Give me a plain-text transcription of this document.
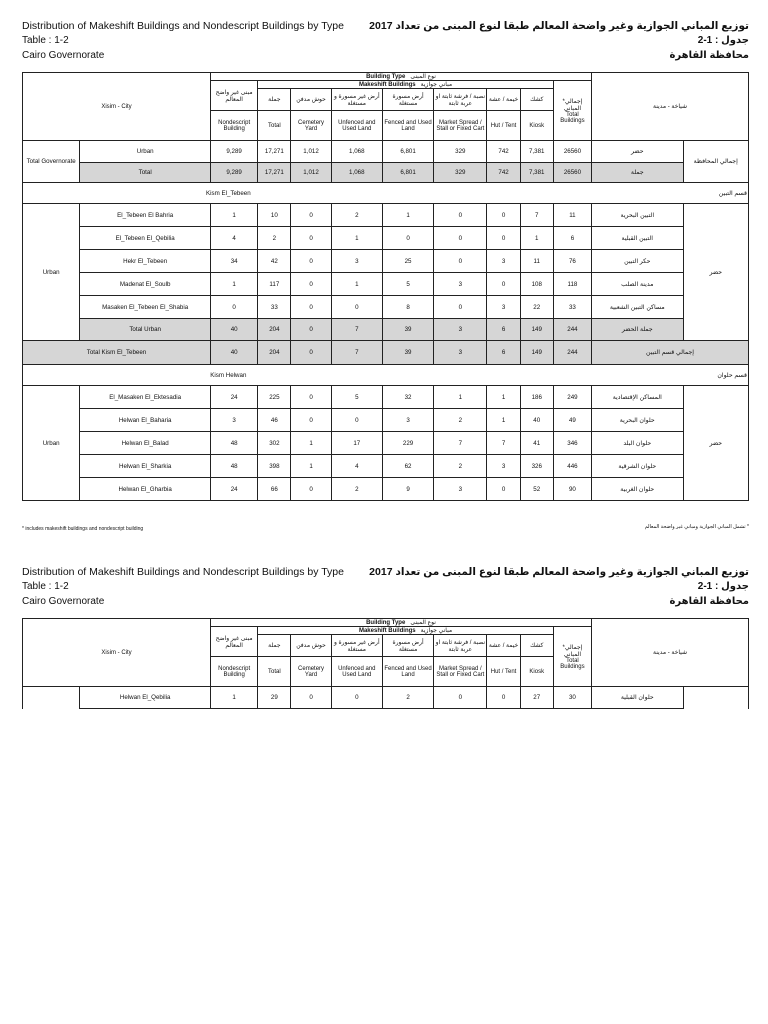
Distribution of Makeshift Buildings and Nondescript Buildings by Type
Table : 1-2
Cairo Governorate
توزيع المباني الجوازية وغير واضحة المعالم طبقا لنوع المبنى من تعداد 2017
جدول : 1-2
محافظة القاهرة
Xisim - City		Building Type نوع المبنى									شياخة - مدينة	
		مبنى غير واضح المعالم	Makeshift Buildings مباني جوازية							*إجمالي المباني
Total Buildings		
			جملة	حوش مدفن	أرض غير مسورة و مستغلة	أرض مسورة مستغلة	نصبة / فرشة ثابتة او عربة ثابتة	خيمة / عشة	كشك			
		Nondescript Building	Total	Cemetery Yard	Unfenced and Used Land	Fenced and Used Land	Market Spread / Stall or Fixed Cart	Hut / Tent	Kiosk			
Total Governorate	Urban	9,289	17,271	1,012	1,068	6,801	329	742	7,381	26560	حضر	إجمالي المحافظة
	Total	9,289	17,271	1,012	1,068	6,801	329	742	7,381	26560	جملة	
Kism El_Tebeen							قسم التبين					
Urban	El_Tebeen El Bahria	1	10	0	2	1	0	0	7	11	التبين البحرية	حضر
	El_Tebeen El_Qebilia	4	2	0	1	0	0	0	1	6	التبين القبلية	
	Hekr El_Tebeen	34	42	0	3	25	0	3	11	76	حكر التبين	
	Madenat El_Soulb	1	117	0	1	5	3	0	108	118	مدينة الصلب	
	Masaken El_Tebeen El_Shabia	0	33	0	0	8	0	3	22	33	مساكن التبين الشعبية	
	Total Urban	40	204	0	7	39	3	6	149	244	جملة الحضر	
Total Kism El_Tebeen		40	204	0	7	39	3	6	149	244	إجمالي قسم التبين	
Kism Helwan							قسم حلوان					
Urban	El_Masaken El_Ektesadia	24	225	0	5	32	1	1	186	249	المساكن الإقتصادية	حضر
	Helwan El_Baharia	3	46	0	0	3	2	1	40	49	حلوان البحرية	
	Helwan El_Balad	48	302	1	17	229	7	7	41	346	حلوان البلد	
	Helwan El_Sharkia	48	398	1	4	62	2	3	326	446	حلوان الشرقية	
	Helwan El_Gharbia	24	66	0	2	9	3	0	52	90	حلوان الغربية	
* includes makeshift buildings and nondescript building	* تشمل المباني الجوازية ومباني غير واضحة المعالم
Distribution of Makeshift Buildings and Nondescript Buildings by Type
Table : 1-2
Cairo Governorate
توزيع المباني الجوازية وغير واضحة المعالم طبقا لنوع المبنى من تعداد 2017
جدول : 1-2
محافظة القاهرة
Xisim - City		Building Type نوع المبنى									شياخة - مدينة	
		مبنى غير واضح المعالم	Makeshift Buildings مباني جوازية							*إجمالي المباني
Total Buildings		
			جملة	حوش مدفن	أرض غير مسورة و مستغلة	أرض مسورة مستغلة	نصبة / فرشة ثابتة او عربة ثابتة	خيمة / عشة	كشك			
		Nondescript Building	Total	Cemetery Yard	Unfenced and Used Land	Fenced and Used Land	Market Spread / Stall or Fixed Cart	Hut / Tent	Kiosk			
	Helwan El_Qebilia	1	29	0	0	2	0	0	27	30	حلوان القبلية	
